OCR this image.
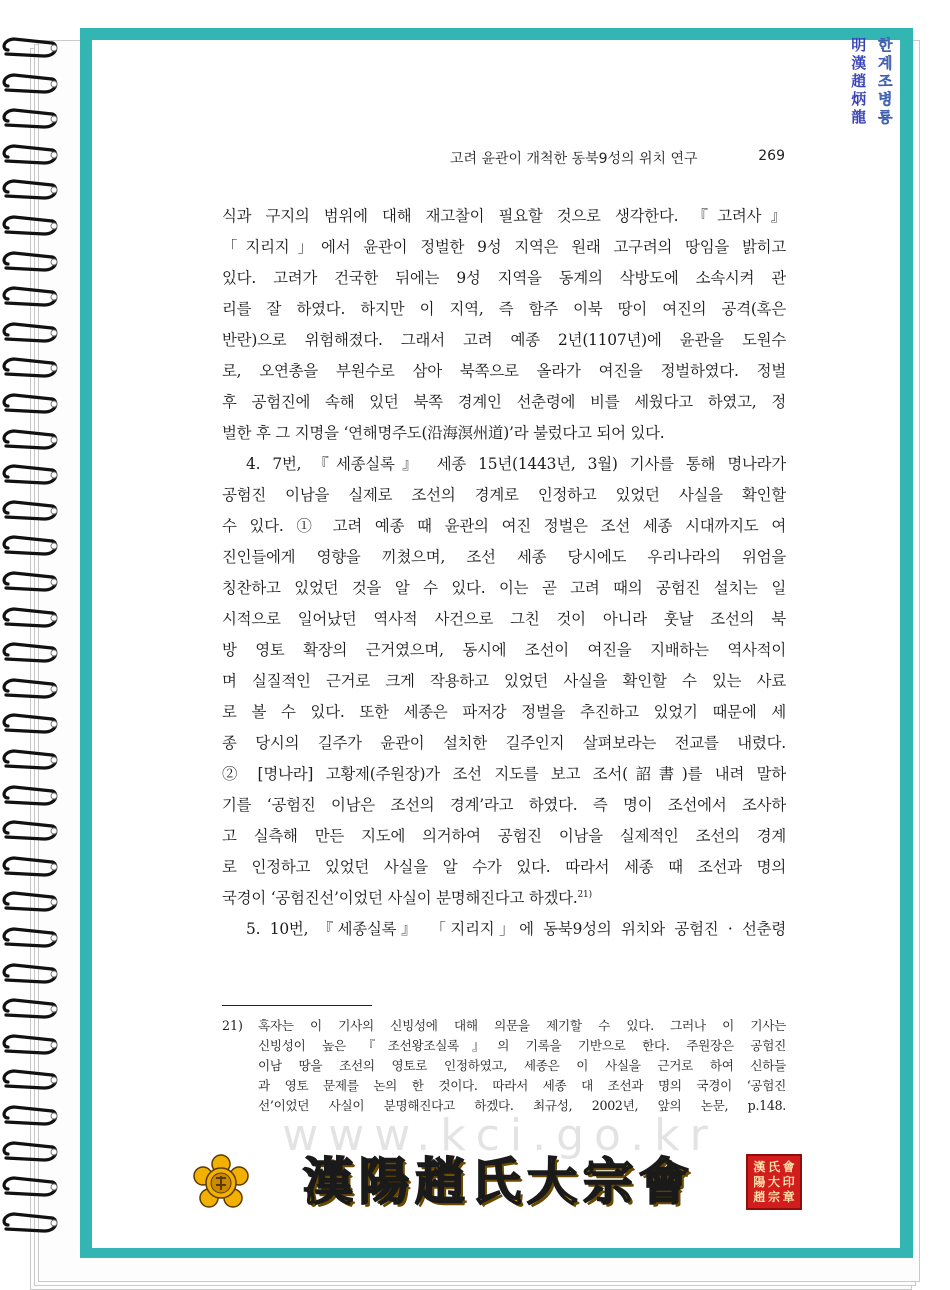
明
漢
趙
炳
龍
한
계
조
병
룡
고려 윤관이 개척한 동북9성의 위치 연구	269
식과 구지의 범위에 대해 재고찰이 필요할 것으로 생각한다. 『고려사』
「지리지」에서 윤관이 정벌한 9성 지역은 원래 고구려의 땅임을 밝히고
있다. 고려가 건국한 뒤에는 9성 지역을 동계의 삭방도에 소속시켜 관
리를 잘 하였다. 하지만 이 지역, 즉 함주 이북 땅이 여진의 공격(혹은
반란)으로 위험해졌다. 그래서 고려 예종 2년(1107년)에 윤관을 도원수
로, 오연총을 부원수로 삼아 북쪽으로 올라가 여진을 정벌하였다. 정벌
후 공험진에 속해 있던 북쪽 경계인 선춘령에 비를 세웠다고 하였고, 정
벌한 후 그 지명을 ‘연해명주도(沿海溟州道)’라 불렀다고 되어 있다.
4. 7번, 『세종실록』 세종 15년(1443년, 3월) 기사를 통해 명나라가
공험진 이남을 실제로 조선의 경계로 인정하고 있었던 사실을 확인할
수 있다. ① 고려 예종 때 윤관의 여진 정벌은 조선 세종 시대까지도 여
진인들에게 영향을 끼쳤으며, 조선 세종 당시에도 우리나라의 위엄을
칭찬하고 있었던 것을 알 수 있다. 이는 곧 고려 때의 공험진 설치는 일
시적으로 일어났던 역사적 사건으로 그친 것이 아니라 훗날 조선의 북
방 영토 확장의 근거였으며, 동시에 조선이 여진을 지배하는 역사적이
며 실질적인 근거로 크게 작용하고 있었던 사실을 확인할 수 있는 사료
로 볼 수 있다. 또한 세종은 파저강 정벌을 추진하고 있었기 때문에 세
종 당시의 길주가 윤관이 설치한 길주인지 살펴보라는 전교를 내렸다.
② [명나라] 고황제(주원장)가 조선 지도를 보고 조서(詔書)를 내려 말하
기를 ‘공험진 이남은 조선의 경계’라고 하였다. 즉 명이 조선에서 조사하
고 실측해 만든 지도에 의거하여 공험진 이남을 실제적인 조선의 경계
로 인정하고 있었던 사실을 알 수가 있다. 따라서 세종 때 조선과 명의
국경이 ‘공험진선’이었던 사실이 분명해진다고 하겠다.$^{21)}$
5. 10번, 『세종실록』 「지리지」에 동북9성의 위치와 공험진 · 선춘령
21)	혹자는 이 기사의 신빙성에 대해 의문을 제기할 수 있다. 그러나 이 기사는
신빙성이 높은 『조선왕조실록』의 기록을 기반으로 한다. 주원장은 공험진
이남 땅을 조선의 영토로 인정하였고, 세종은 이 사실을 근거로 하여 신하들
과 영토 문제를 논의 한 것이다. 따라서 세종 대 조선과 명의 국경이 ‘공험진
선’이었던 사실이 분명해진다고 하겠다. 최규성, 2002년, 앞의 논문, p.148.
www.kci.go.kr
漢陽趙氏大宗會	漢 氏 會
陽 大 印
趙 宗 章
